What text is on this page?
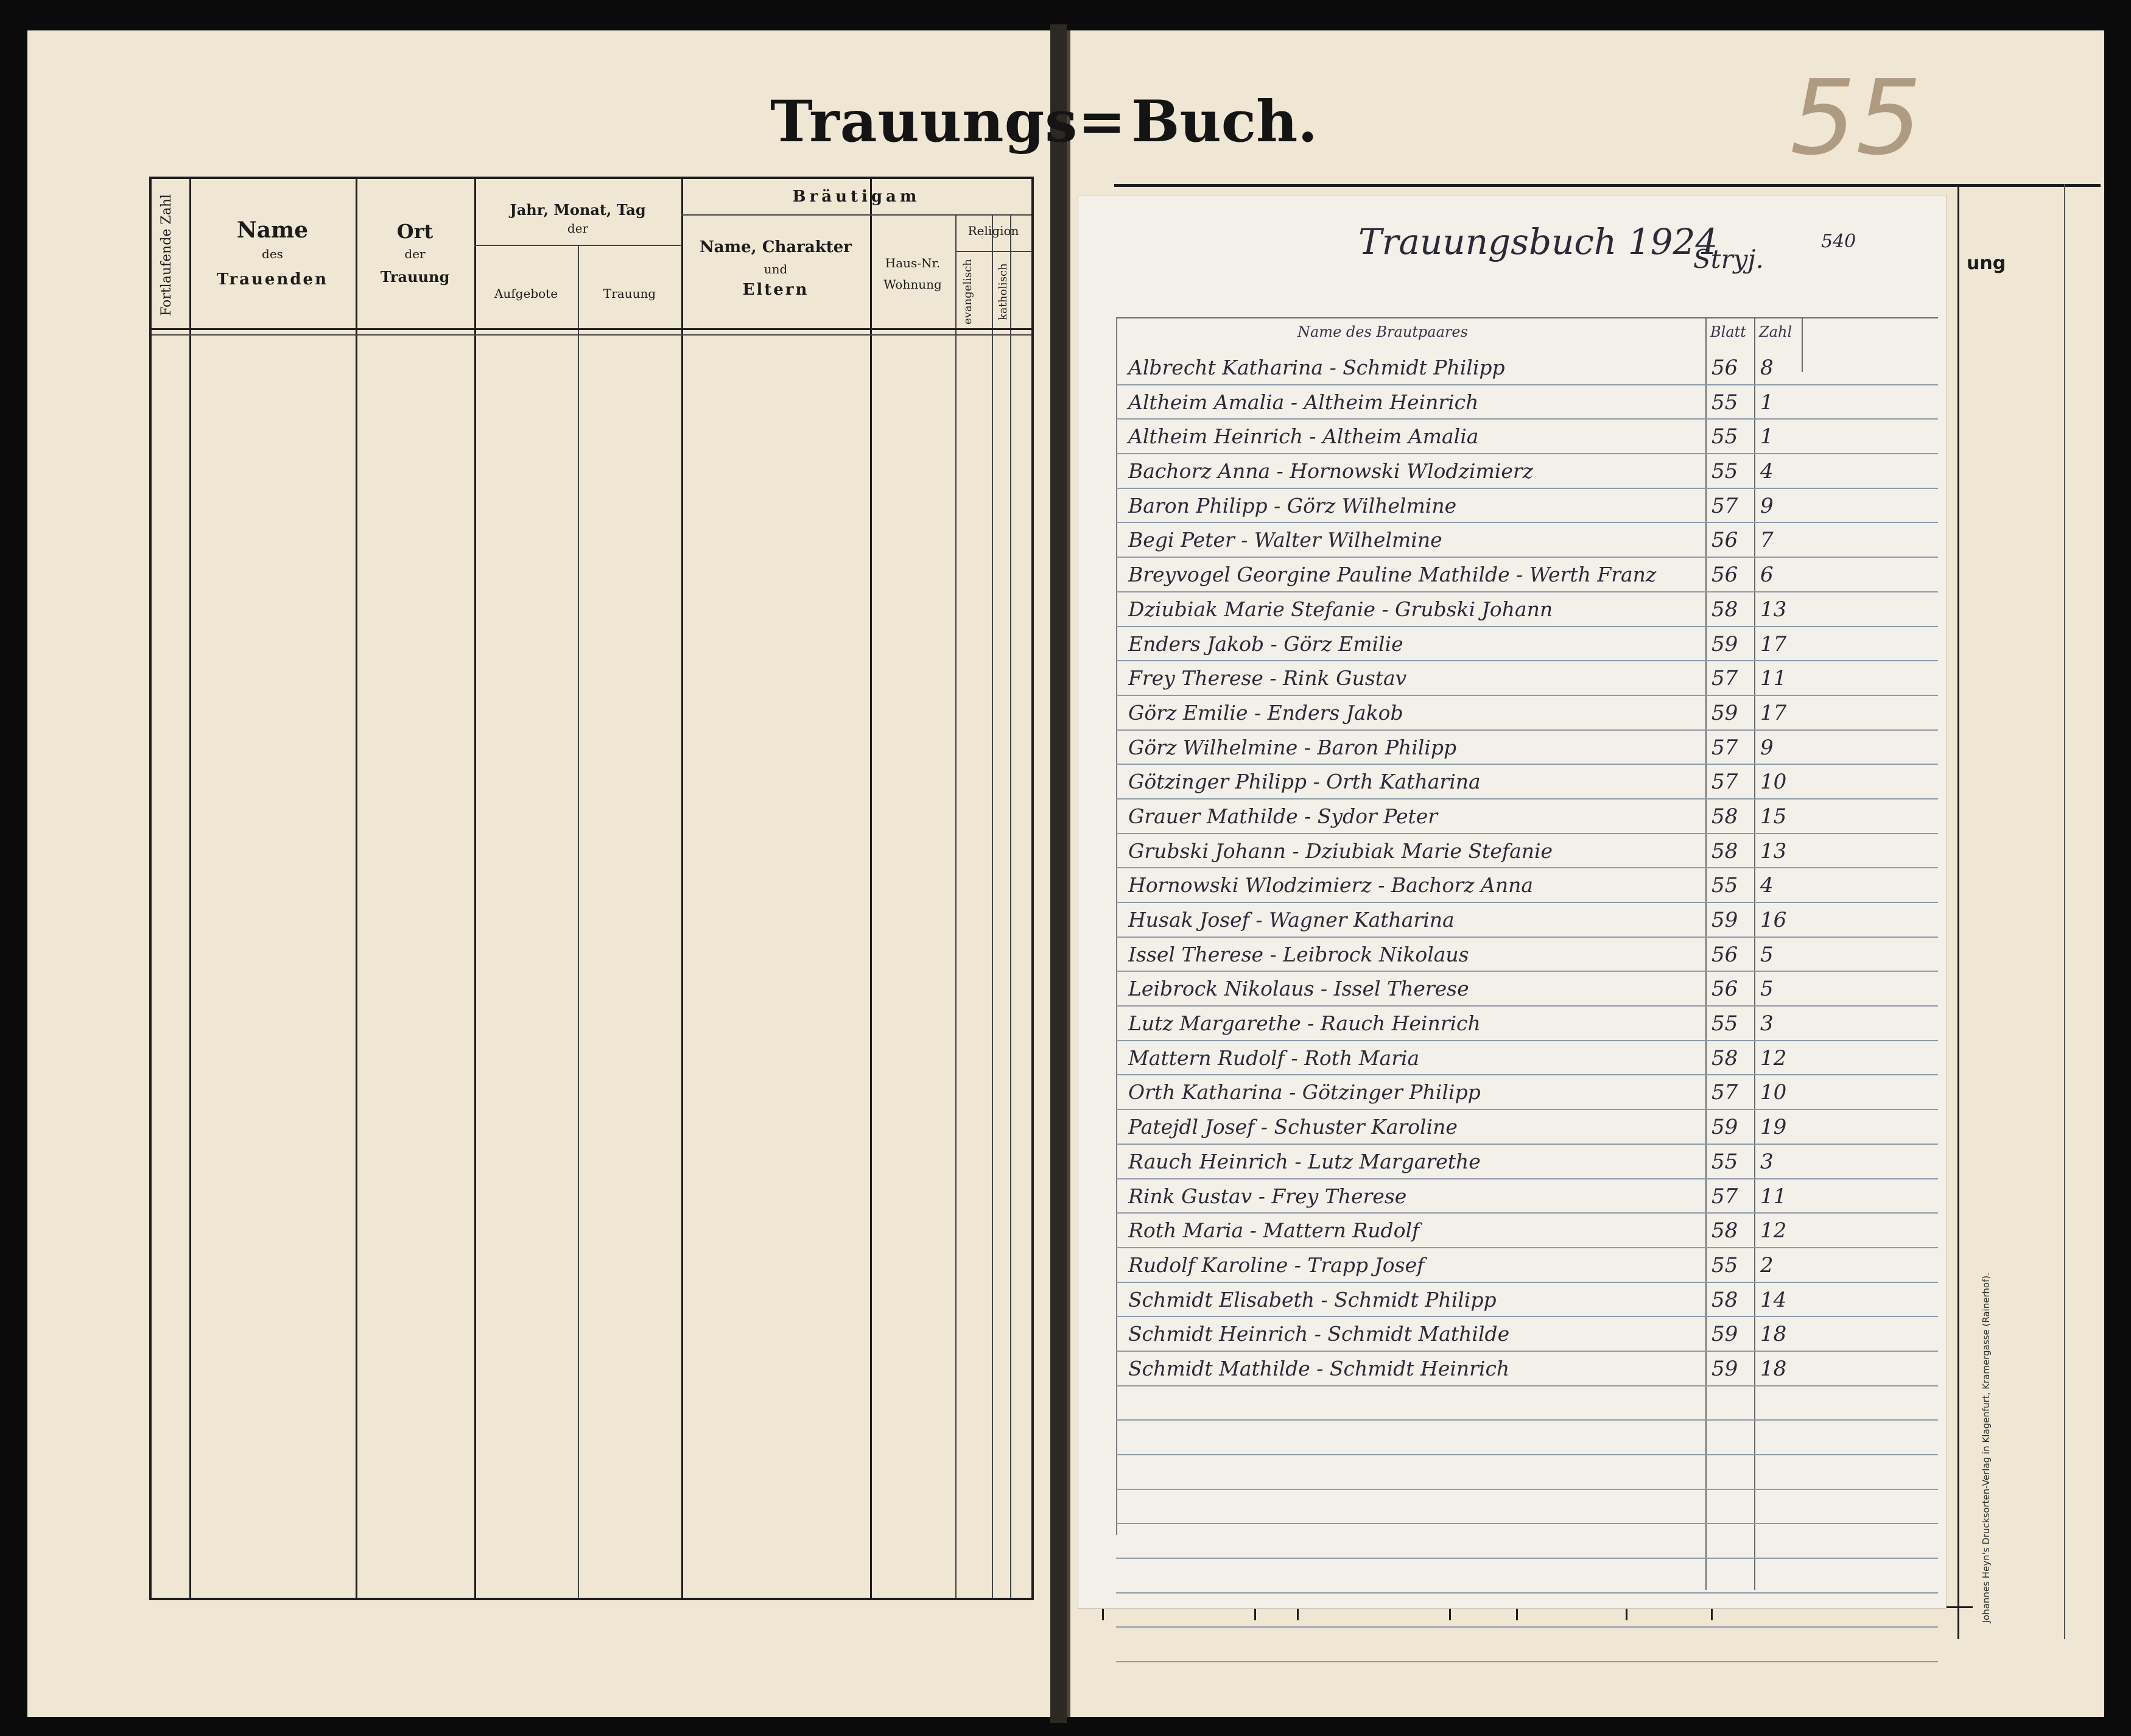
Trauungs= Buch.	55
Fortlaufende Zahl	Name
des
Trauenden
Ort
der
Trauung
Jahr, Monat, Tag
der
Aufgebote	Trauung
Bräutigam
Name, Charakter
und
Eltern
Haus-Nr.
Wohnung
Religion
evangelisch katholisch	ung
Johannes Heyn's Drucksorten-Verlag in Klagenfurt, Kramergasse (Rainerhof).
Trauungsbuch 1924
Stryj.
540
Name des Brautpaares	Blatt Zahl
Albrecht Katharina - Schmidt Philipp	56 8
Altheim Amalia - Altheim Heinrich	55 1
Altheim Heinrich - Altheim Amalia	55 1
Bachorz Anna - Hornowski Wlodzimierz	55 4
Baron Philipp - Görz Wilhelmine	57 9
Begi Peter - Walter Wilhelmine	56 7
Breyvogel Georgine Pauline Mathilde - Werth Franz	56 6
Dziubiak Marie Stefanie - Grubski Johann	58 13
Enders Jakob - Görz Emilie	59 17
Frey Therese - Rink Gustav	57 11
Görz Emilie - Enders Jakob	59 17
Görz Wilhelmine - Baron Philipp	57 9
Götzinger Philipp - Orth Katharina	57 10
Grauer Mathilde - Sydor Peter	58 15
Grubski Johann - Dziubiak Marie Stefanie	58 13
Hornowski Wlodzimierz - Bachorz Anna	55 4
Husak Josef - Wagner Katharina	59 16
Issel Therese - Leibrock Nikolaus	56 5
Leibrock Nikolaus - Issel Therese	56 5
Lutz Margarethe - Rauch Heinrich	55 3
Mattern Rudolf - Roth Maria	58 12
Orth Katharina - Götzinger Philipp	57 10
Patejdl Josef - Schuster Karoline	59 19
Rauch Heinrich - Lutz Margarethe	55 3
Rink Gustav - Frey Therese	57 11
Roth Maria - Mattern Rudolf	58 12
Rudolf Karoline - Trapp Josef	55 2
Schmidt Elisabeth - Schmidt Philipp	58 14
Schmidt Heinrich - Schmidt Mathilde	59 18
Schmidt Mathilde - Schmidt Heinrich	59 18
